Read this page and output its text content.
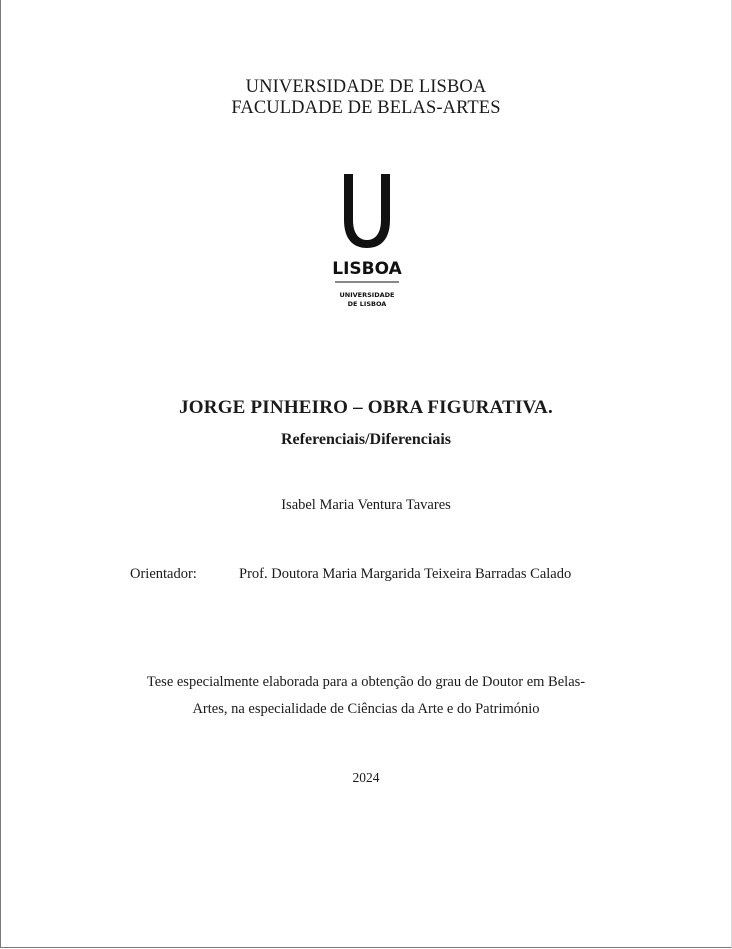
UNIVERSIDADE DE LISBOA
FACULDADE DE BELAS-ARTES
LISBOA
UNIVERSIDADE
DE LISBOA
JORGE PINHEIRO – OBRA FIGURATIVA.
Referenciais/Diferenciais
Isabel Maria Ventura Tavares
Orientador:	Prof. Doutora Maria Margarida Teixeira Barradas Calado
Tese especialmente elaborada para a obtenção do grau de Doutor em Belas-
Artes, na especialidade de Ciências da Arte e do Património
2024
